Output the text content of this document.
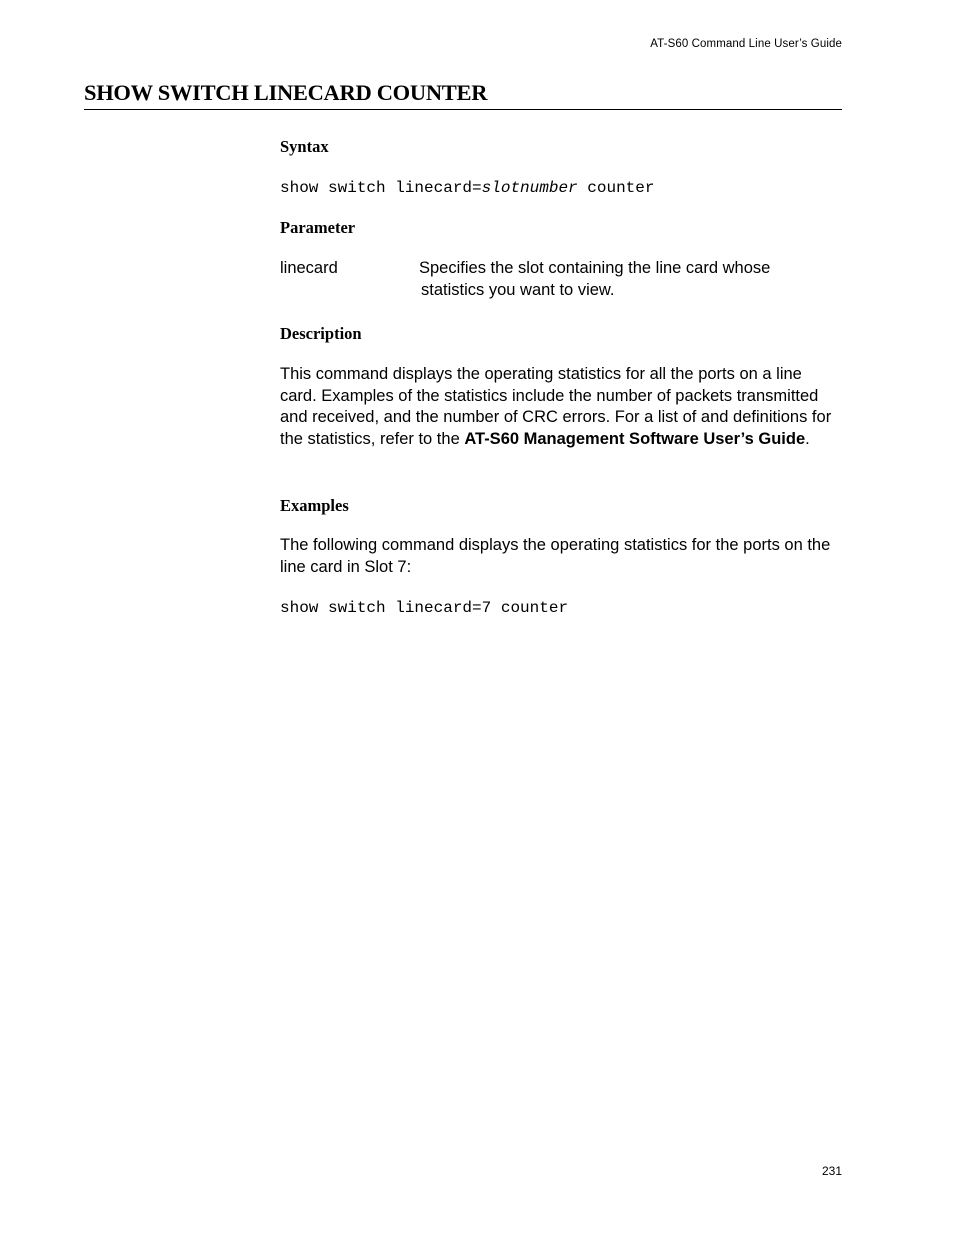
AT-S60 Command Line User’s Guide
SHOW SWITCH LINECARD COUNTER
Syntax
show switch linecard=slotnumber counter
Parameter
linecard	Specifies the slot containing the line card whose
statistics you want to view.
Description

This command displays the operating statistics for all the ports on a line card. Examples of the statistics include the number of packets transmitted and received, and the number of CRC errors. For a list of and definitions for the statistics, refer to the AT-S60 Management Software User’s Guide.

Examples

The following command displays the operating statistics for the ports on the line card in Slot 7:

show switch linecard=7 counter
231
